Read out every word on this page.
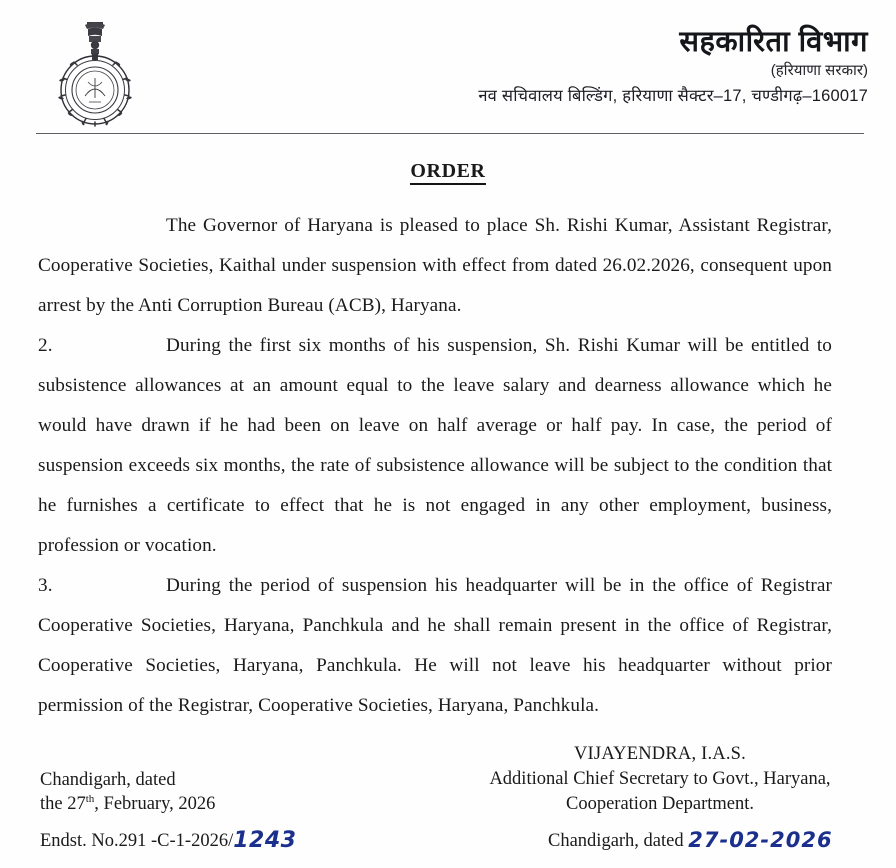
सहकारिता विभाग
(हरियाणा सरकार)
नव सचिवालय बिल्डिंग, हरियाणा सैक्टर–17, चण्डीगढ़–160017
ORDER

The Governor of Haryana is pleased to place Sh. Rishi Kumar, Assistant Registrar, Cooperative Societies, Kaithal under suspension with effect from dated 26.02.2026, consequent upon arrest by the Anti Corruption Bureau (ACB), Haryana.

2.	During the first six months of his suspension, Sh. Rishi Kumar will be entitled to subsistence allowances at an amount equal to the leave salary and dearness allowance which he would have drawn if he had been on leave on half average or half pay. In case, the period of suspension exceeds six months, the rate of subsistence allowance will be subject to the condition that he furnishes a certificate to effect that he is not engaged in any other employment, business, profession or vocation.

3.	During the period of suspension his headquarter will be in the office of Registrar Cooperative Societies, Haryana, Panchkula and he shall remain present in the office of Registrar, Cooperative Societies, Haryana, Panchkula. He will not leave his headquarter without prior permission of the Registrar, Cooperative Societies, Haryana, Panchkula.

VIJAYENDRA, I.A.S.
Additional Chief Secretary to Govt., Haryana,
Cooperation Department.
Chandigarh, dated
the 27th, February, 2026
Endst. No.291 -C-1-2026/1243	Chandigarh, dated 27-02-2026
